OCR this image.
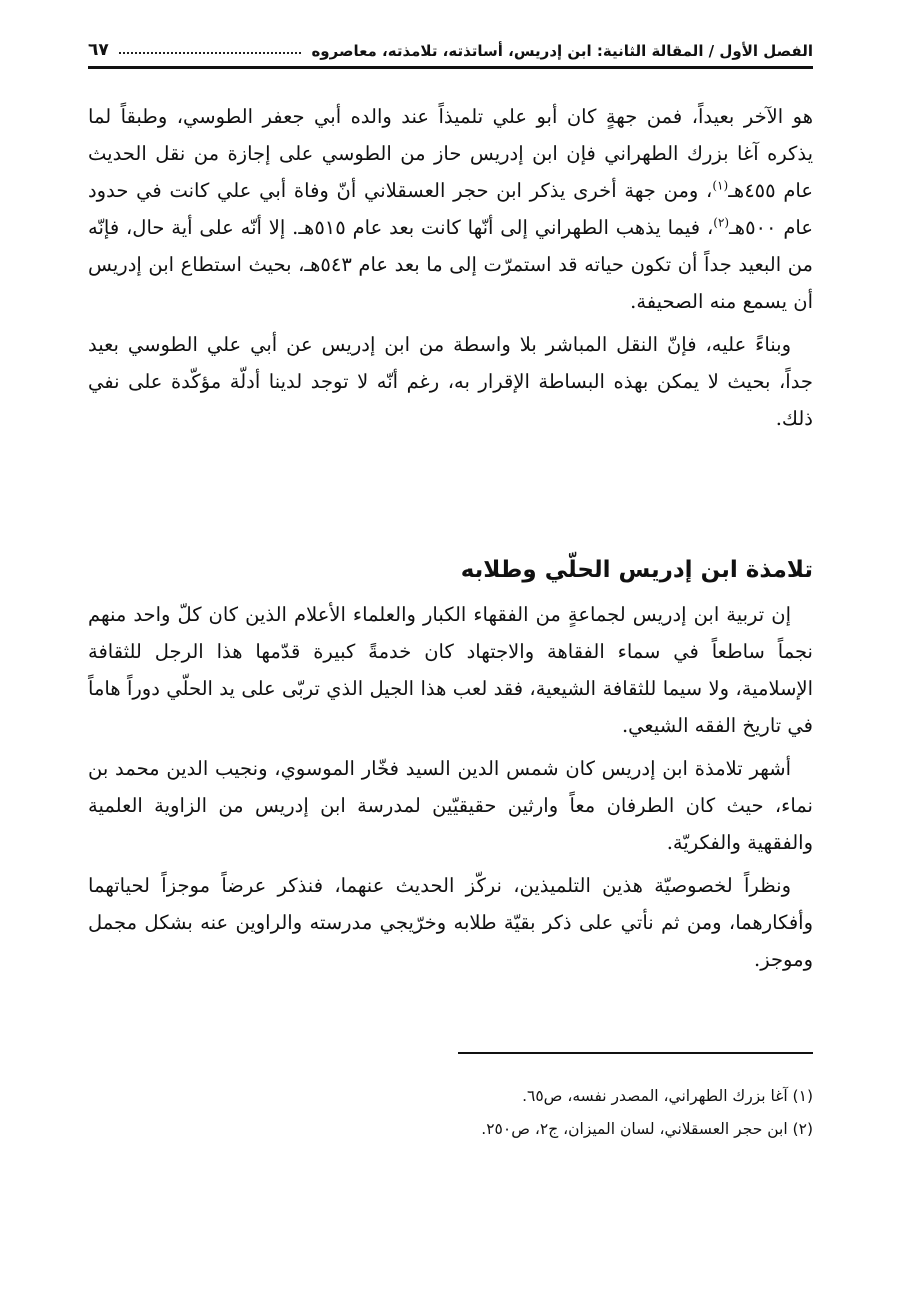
الفصل الأول / المقالة الثانية: ابن إدريس، أساتذته، تلامذته، معاصروه
٦٧

هو الآخر بعيداً، فمن جهةٍ كان أبو علي تلميذاً عند والده أبي جعفر الطوسي، وطبقاً لما يذكره آغا بزرك الطهراني فإن ابن إدريس حاز من الطوسي على إجازة من نقل الحديث عام ٤٥٥هـ$^{(١)}$، ومن جهة أخرى يذكر ابن حجر العسقلاني أنّ وفاة أبي علي كانت في حدود عام ٥٠٠هـ$^{(٢)}$، فيما يذهب الطهراني إلى أنّها كانت بعد عام ٥١٥هـ. إلا أنّه على أية حال، فإنّه من البعيد جداً أن تكون حياته قد استمرّت إلى ما بعد عام ٥٤٣هـ، بحيث استطاع ابن إدريس أن يسمع منه الصحيفة.

وبناءً عليه، فإنّ النقل المباشر بلا واسطة من ابن إدريس عن أبي علي الطوسي بعيد جداً، بحيث لا يمكن بهذه البساطة الإقرار به، رغم أنّه لا توجد لدينا أدلّة مؤكّدة على نفي ذلك.

تلامذة ابن إدريس الحلّي وطلابه

إن تربية ابن إدريس لجماعةٍ من الفقهاء الكبار والعلماء الأعلام الذين كان كلّ واحد منهم نجماً ساطعاً في سماء الفقاهة والاجتهاد كان خدمةً كبيرة قدّمها هذا الرجل للثقافة الإسلامية، ولا سيما للثقافة الشيعية، فقد لعب هذا الجيل الذي تربّى على يد الحلّي دوراً هاماً في تاريخ الفقه الشيعي.

أشهر تلامذة ابن إدريس كان شمس الدين السيد فخّار الموسوي، ونجيب الدين محمد بن نماء، حيث كان الطرفان معاً وارثين حقيقيّين لمدرسة ابن إدريس من الزاوية العلمية والفقهية والفكريّة.

ونظراً لخصوصيّة هذين التلميذين، نركّز الحديث عنهما، فنذكر عرضاً موجزاً لحياتهما وأفكارهما، ومن ثم نأتي على ذكر بقيّة طلابه وخرّيجي مدرسته والراوين عنه بشكل مجمل وموجز.

(١) آغا بزرك الطهراني، المصدر نفسه، ص٦٥.

(٢) ابن حجر العسقلاني، لسان الميزان، ج٢، ص٢٥٠.
